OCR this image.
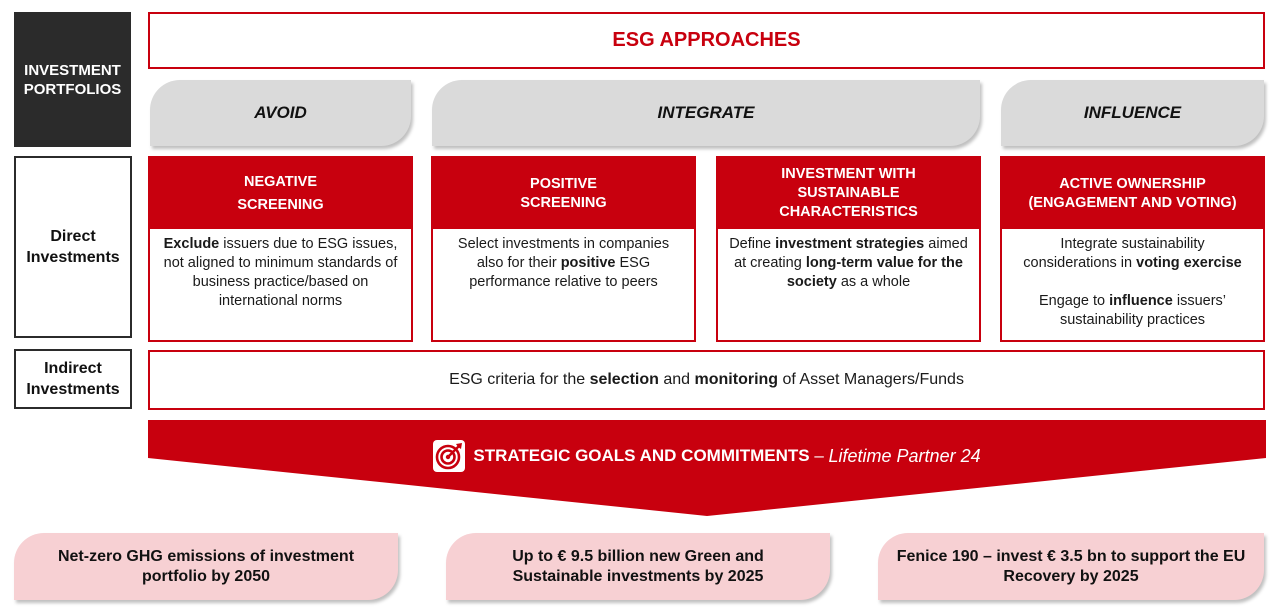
INVESTMENT
PORTFOLIOS
Direct
Investments
Indirect
Investments
ESG APPROACHES
AVOID	INTEGRATE	INFLUENCE
NEGATIVE
SCREENING

Exclude issuers due to ESG issues, not aligned to minimum standards of business practice/based on international norms

POSITIVE
SCREENING

Select investments in companies also for their positive ESG performance relative to peers

INVESTMENT WITH
SUSTAINABLE
CHARACTERISTICS

Define investment strategies aimed at creating long-term value for the society as a whole

ACTIVE OWNERSHIP
(ENGAGEMENT AND VOTING)

Integrate sustainability considerations in voting exercise

Engage to influence issuers’ sustainability practices

ESG criteria for the selection and monitoring of Asset Managers/Funds
STRATEGIC GOALS AND COMMITMENTS – Lifetime Partner 24
Net-zero GHG emissions of investment portfolio by 2050
Up to € 9.5 billion new Green and Sustainable investments by 2025
Fenice 190 – invest € 3.5 bn to support the EU Recovery by 2025
